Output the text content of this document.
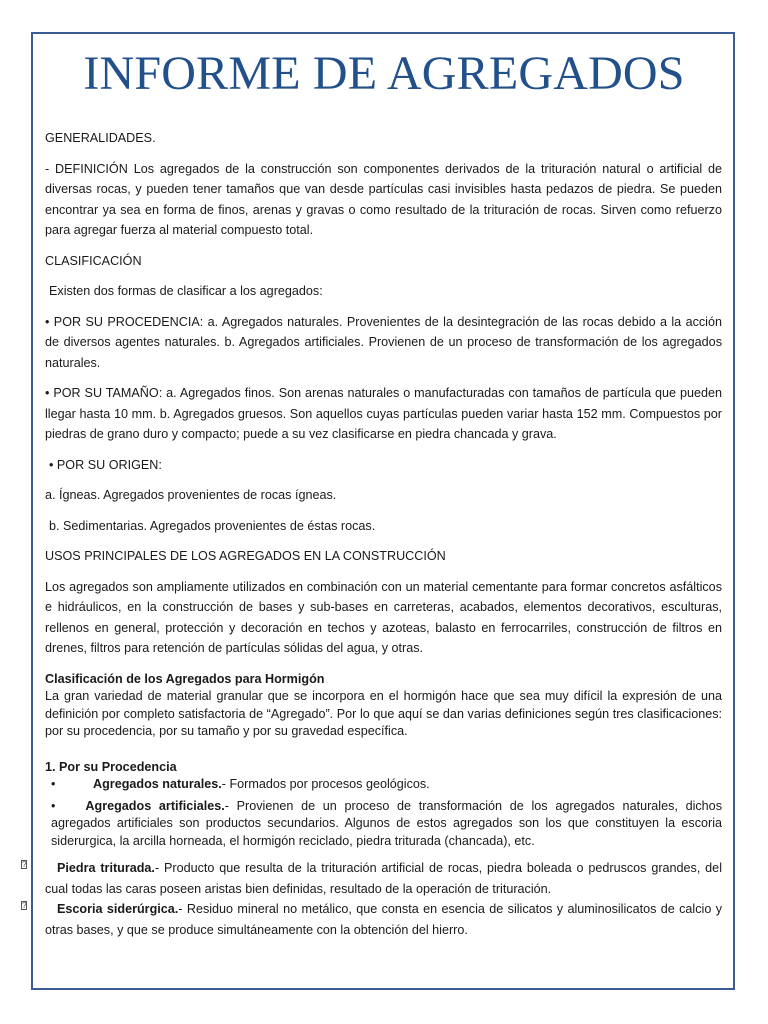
INFORME DE AGREGADOS

GENERALIDADES.

- DEFINICIÓN Los agregados de la construcción son componentes derivados de la trituración natural o artificial de diversas rocas, y pueden tener tamaños que van desde partículas casi invisibles hasta pedazos de piedra. Se pueden encontrar ya sea en forma de finos, arenas y gravas o como resultado de la trituración de rocas. Sirven como refuerzo para agregar fuerza al material compuesto total.

CLASIFICACIÓN

Existen dos formas de clasificar a los agregados:

• POR SU PROCEDENCIA: a. Agregados naturales. Provenientes de la desintegración de las rocas debido a la acción de diversos agentes naturales. b. Agregados artificiales. Provienen de un proceso de transformación de los agregados naturales.

• POR SU TAMAÑO: a. Agregados finos. Son arenas naturales o manufacturadas con tamaños de partícula que pueden llegar hasta 10 mm. b. Agregados gruesos. Son aquellos cuyas partículas pueden variar hasta 152 mm. Compuestos por piedras de grano duro y compacto; puede a su vez clasificarse en piedra chancada y grava.

• POR SU ORIGEN:

a. Ígneas. Agregados provenientes de rocas ígneas.

b. Sedimentarias. Agregados provenientes de éstas rocas.

USOS PRINCIPALES DE LOS AGREGADOS EN LA CONSTRUCCIÓN

Los agregados son ampliamente utilizados en combinación con un material cementante para formar concretos asfálticos e hidráulicos, en la construcción de bases y sub-bases en carreteras, acabados, elementos decorativos, esculturas, rellenos en general, protección y decoración en techos y azoteas, balasto en ferrocarriles, construcción de filtros en drenes, filtros para retención de partículas sólidas del agua, y otras.

Clasificación de los Agregados para Hormigón
La gran variedad de material granular que se incorpora en el hormigón hace que sea muy difícil la expresión de una definición por completo satisfactoria de “Agregado”. Por lo que aquí se dan varias definiciones según tres clasificaciones: por su procedencia, por su tamaño y por su gravedad específica.
1. Por su Procedencia
•	Agregados naturales.- Formados por procesos geológicos.
• Agregados artificiales.- Provienen de un proceso de transformación de los agregados naturales, dichos agregados artificiales son productos secundarios. Algunos de estos agregados son los que constituyen la escoria siderurgica, la arcilla horneada, el hormigón reciclado, piedra triturada (chancada), etc.
? Piedra triturada.- Producto que resulta de la trituración artificial de rocas, piedra boleada o pedruscos grandes, del cual todas las caras poseen aristas bien definidas, resultado de la operación de trituración.
? Escoria siderúrgica.- Residuo mineral no metálico, que consta en esencia de silicatos y aluminosilicatos de calcio y otras bases, y que se produce simultáneamente con la obtención del hierro.
